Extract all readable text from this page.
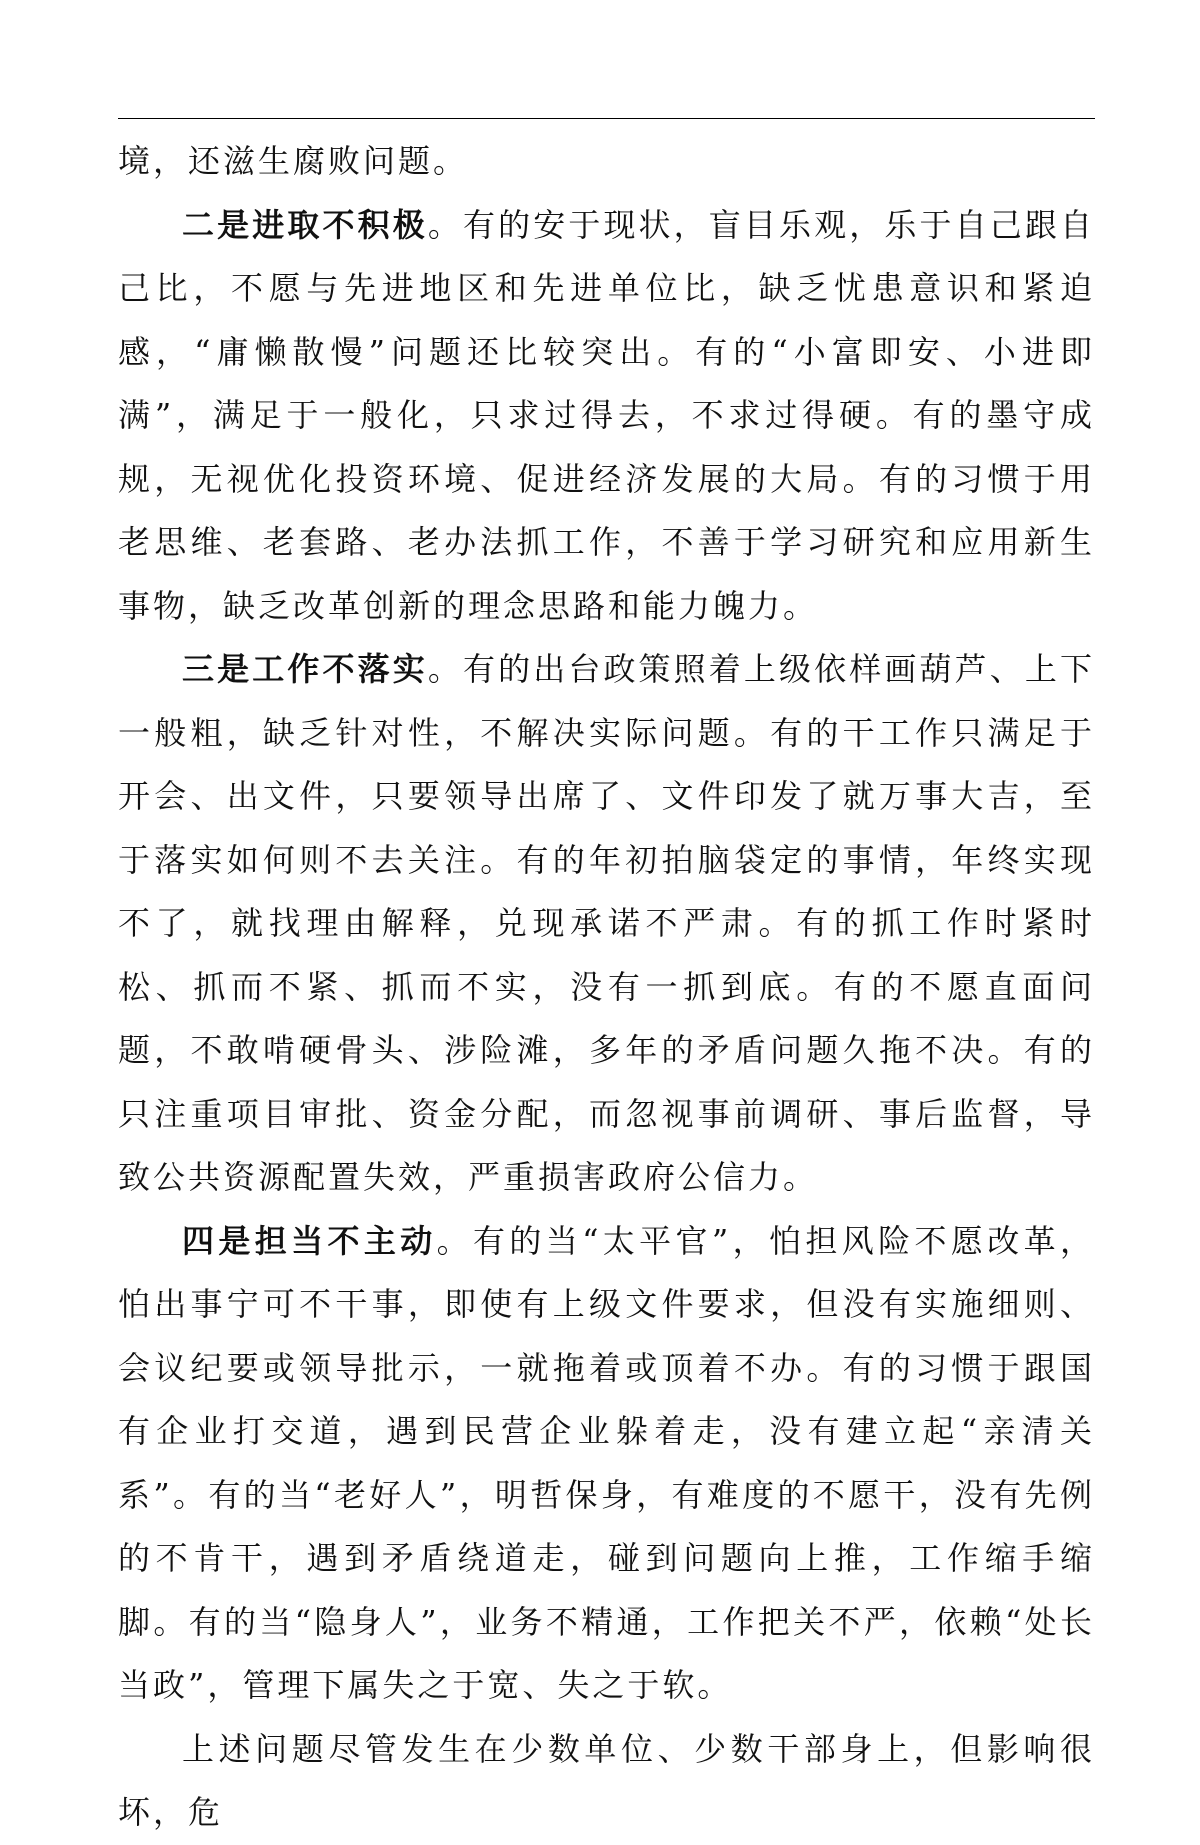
境，还滋生腐败问题。

二是进取不积极。有的安于现状，盲目乐观，乐于自己跟自己比，不愿与先进地区和先进单位比，缺乏忧患意识和紧迫感，“庸懒散慢”问题还比较突出。有的“小富即安、小进即满”，满足于一般化，只求过得去，不求过得硬。有的墨守成规，无视优化投资环境、促进经济发展的大局。有的习惯于用老思维、老套路、老办法抓工作，不善于学习研究和应用新生事物，缺乏改革创新的理念思路和能力魄力。

三是工作不落实。有的出台政策照着上级依样画葫芦、上下一般粗，缺乏针对性，不解决实际问题。有的干工作只满足于开会、出文件，只要领导出席了、文件印发了就万事大吉，至于落实如何则不去关注。有的年初拍脑袋定的事情，年终实现不了，就找理由解释，兑现承诺不严肃。有的抓工作时紧时松、抓而不紧、抓而不实，没有一抓到底。有的不愿直面问题，不敢啃硬骨头、涉险滩，多年的矛盾问题久拖不决。有的只注重项目审批、资金分配，而忽视事前调研、事后监督，导致公共资源配置失效，严重损害政府公信力。

四是担当不主动。有的当“太平官”，怕担风险不愿改革，怕出事宁可不干事，即使有上级文件要求，但没有实施细则、会议纪要或领导批示，一就拖着或顶着不办。有的习惯于跟国有企业打交道，遇到民营企业躲着走，没有建立起“亲清关系”。有的当“老好人”，明哲保身，有难度的不愿干，没有先例的不肯干，遇到矛盾绕道走，碰到问题向上推，工作缩手缩脚。有的当“隐身人”，业务不精通，工作把关不严，依赖“处长当政”，管理下属失之于宽、失之于软。

上述问题尽管发生在少数单位、少数干部身上，但影响很坏，危
